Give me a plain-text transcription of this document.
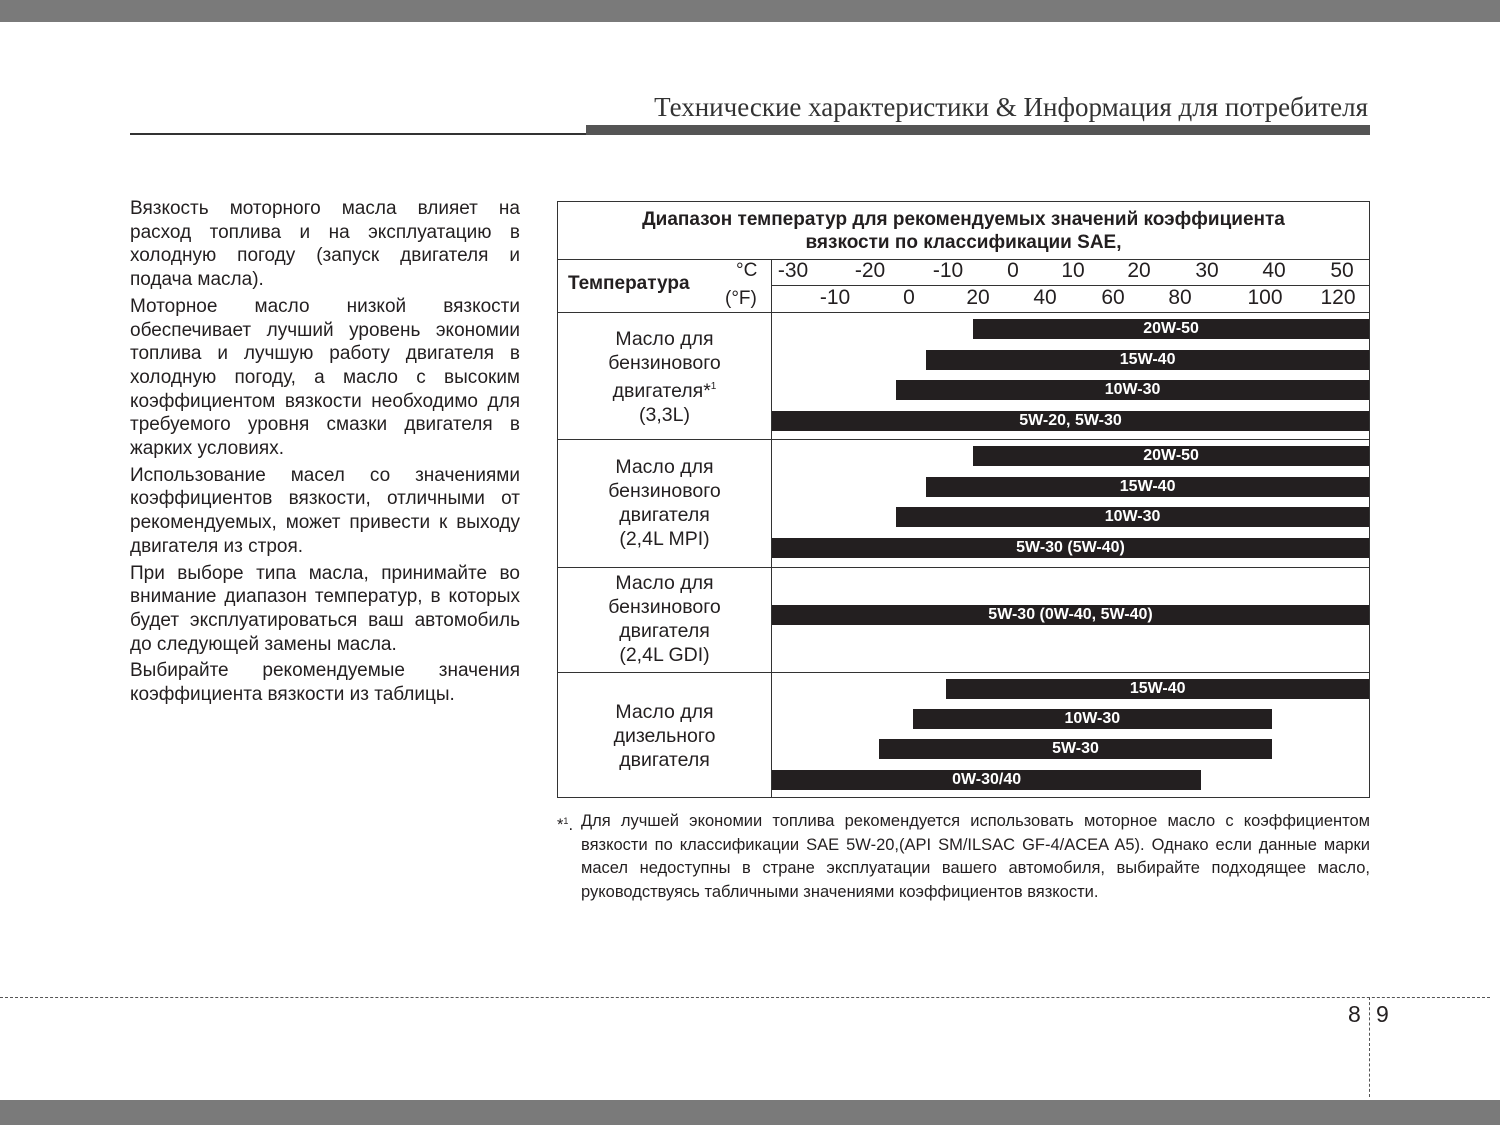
Технические характеристики & Информация для потребителя

Вязкость моторного масла влияет на расход топлива и на эксплуатацию в холодную погоду (запуск двигателя и подача масла).

Моторное масло низкой вязкости обеспечивает лучший уровень экономии топлива и лучшую работу двигателя в холодную погоду, а масло с высоким коэффициентом вязкости необходимо для требуемого уровня смазки двигателя в жарких условиях.

Использование масел со значениями коэффициентов вязкости, отличными от рекомендуемых, может привести к выходу двигателя из строя.

При выборе типа масла, принимайте во внимание диапазон температур, в которых будет эксплуатироваться ваш автомобиль до следующей замены масла.

Выбирайте рекомендуемые значения коэффициента вязкости из таблицы.

Диапазон температур для рекомендуемых значений коэффициента
вязкости по классификации SAE,
Температура
°C
(°F)
-30 -20 -10 0 10 20 30 40 50
-10	0 20 40 60 80	100 120
Масло для
бензинового
двигателя*$^1$
(3,3L)
Масло для
бензинового
двигателя
(2,4L MPI)
Масло для
бензинового
двигателя
(2,4L GDI)
Масло для
дизельного
двигателя
20W-50
15W-40
10W-30
5W-20, 5W-30
20W-50
15W-40
10W-30
5W-30 (5W-40)
5W-30 (0W-40, 5W-40)
15W-40
10W-30
5W-30
0W-30/40
*$^1$. Для лучшей экономии топлива рекомендуется использовать моторное масло с коэффициентом вязкости по классификации SAE 5W-20,(API SM/ILSAC GF-4/ACEA A5). Однако если данные марки масел недоступны в стране эксплуатации вашего автомобиля, выбирайте подходящее масло, руководствуясь табличными значениями коэффициентов вязкости.
8 9
